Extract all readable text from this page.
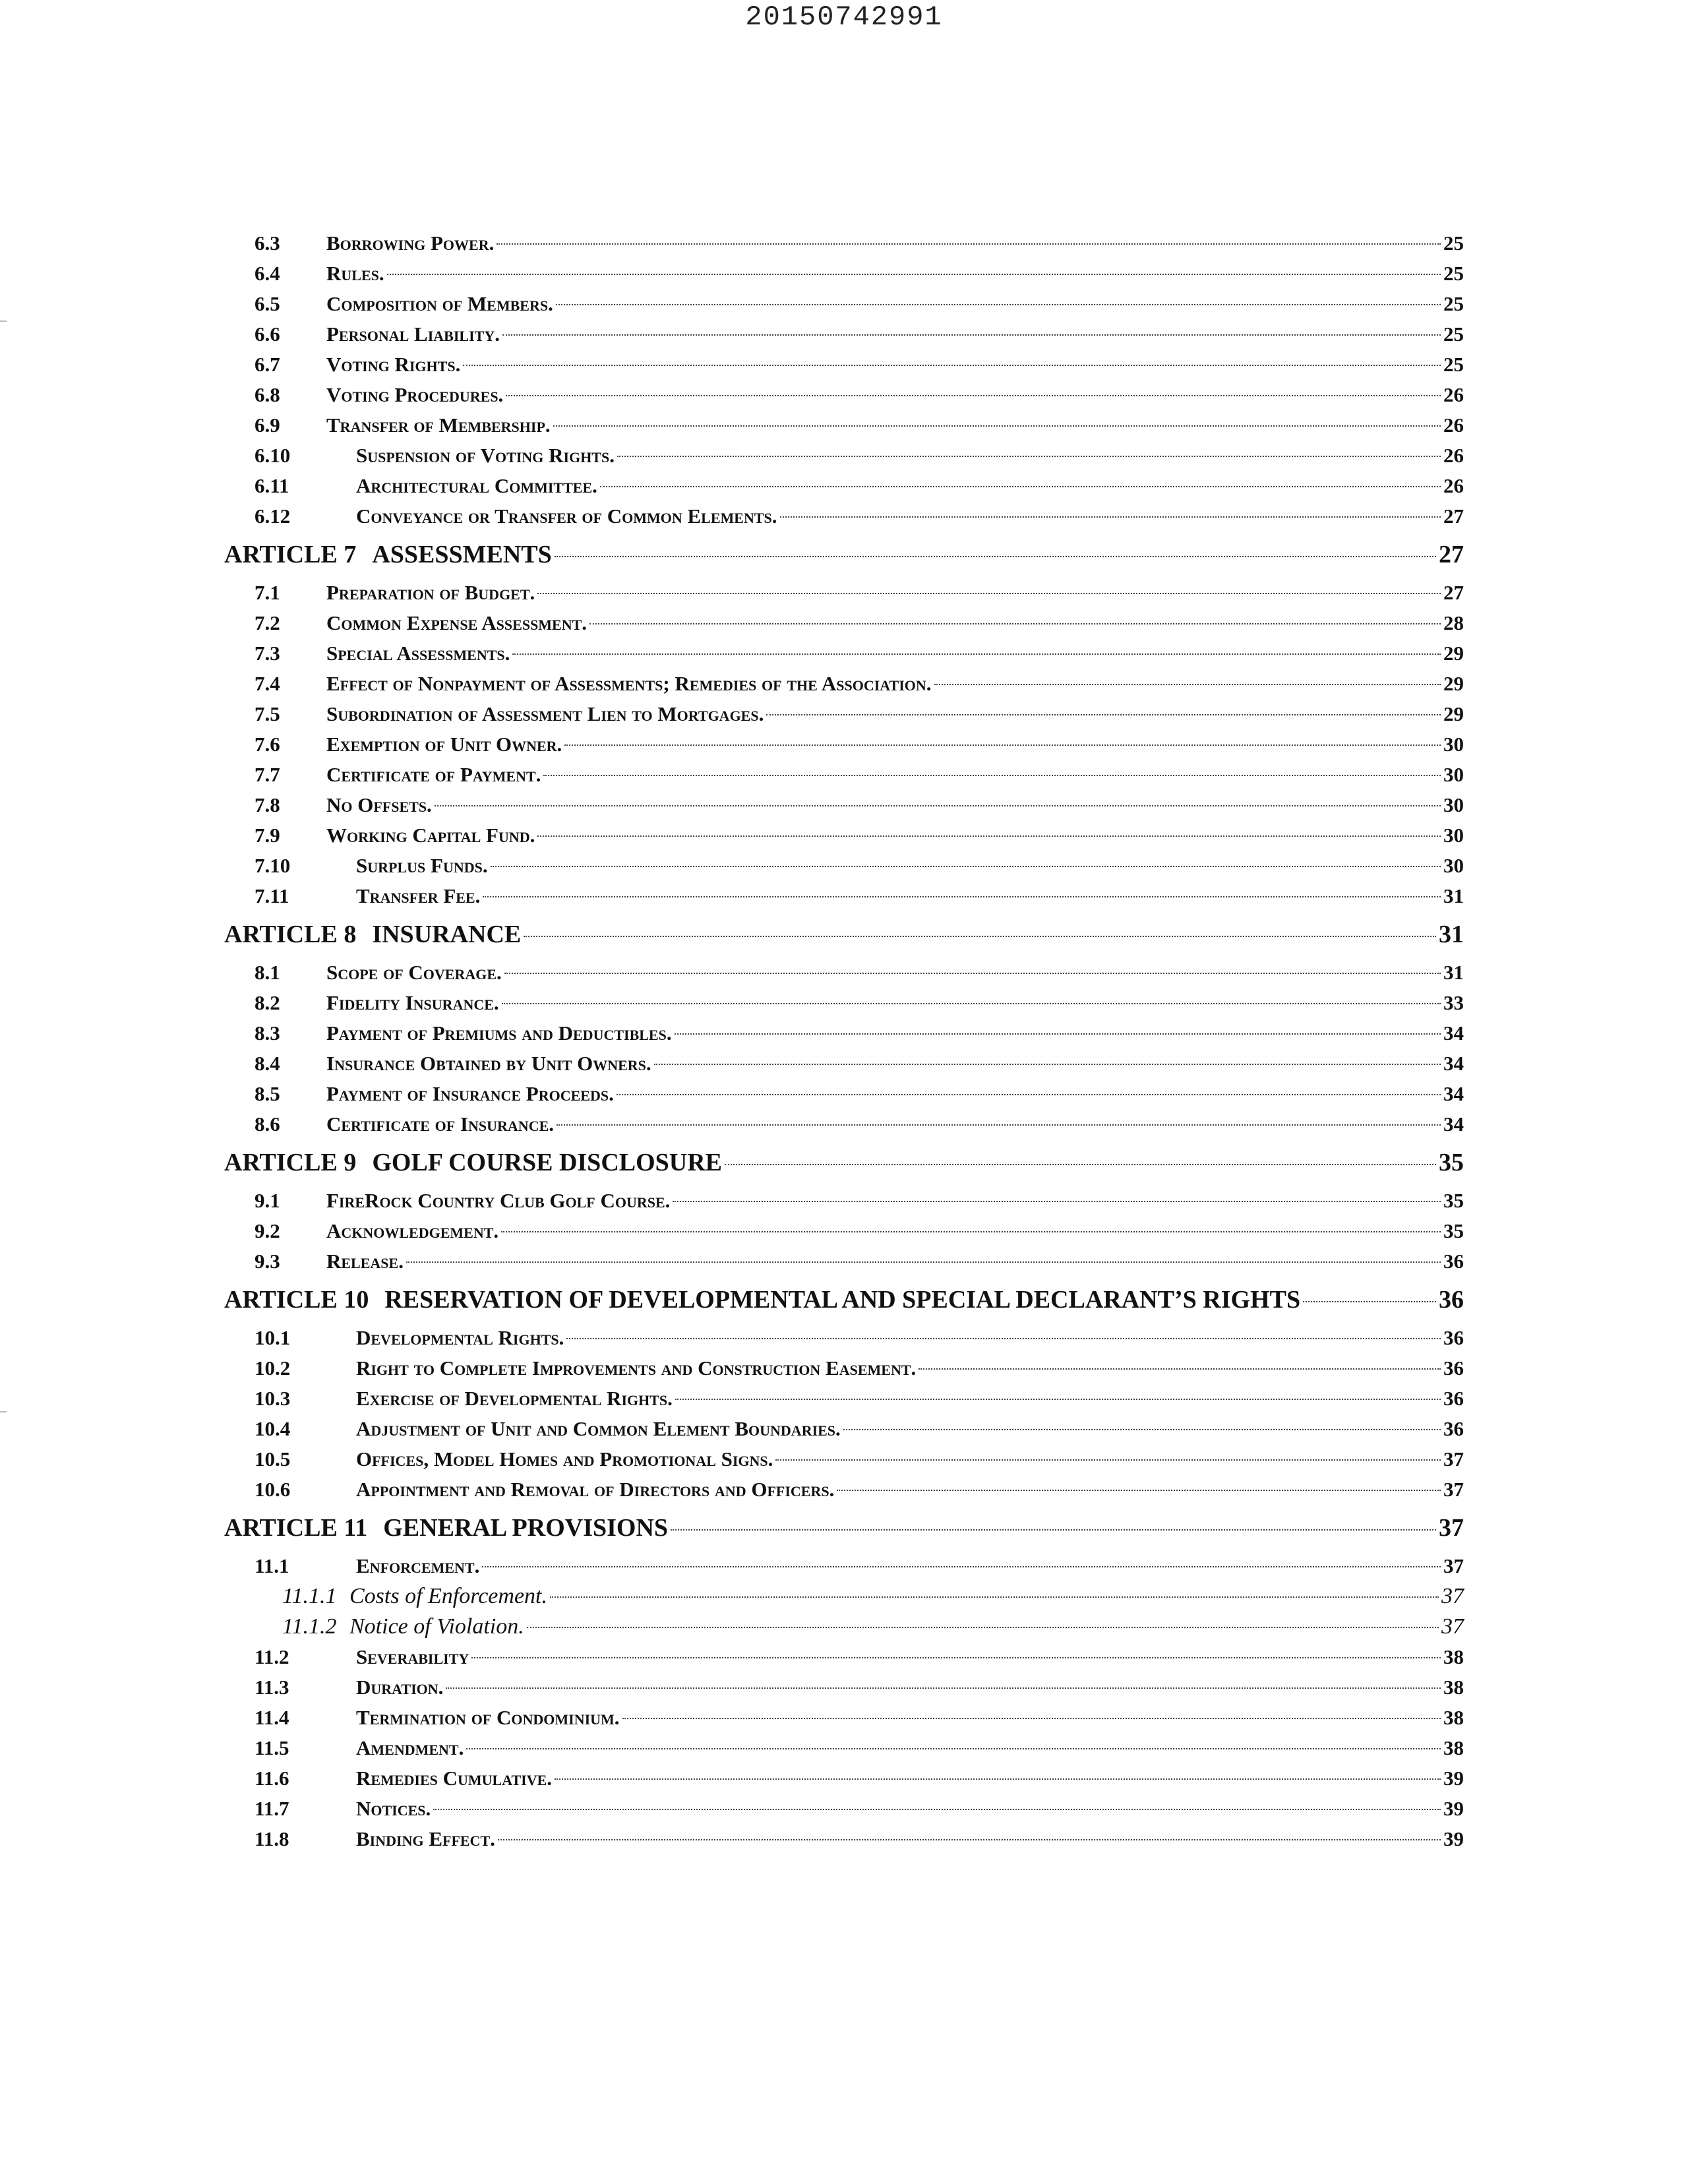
20150742991
6.3	Borrowing Power.	25
6.4	Rules.	25
6.5	Composition of Members.	25
6.6	Personal Liability.	25
6.7	Voting Rights.	25
6.8	Voting Procedures.	26
6.9	Transfer of Membership.	26
6.10	Suspension of Voting Rights.	26
6.11	Architectural Committee.	26
6.12	Conveyance or Transfer of Common Elements.	27
ARTICLE 7 ASSESSMENTS	27
7.1	Preparation of Budget.	27
7.2	Common Expense Assessment.	28
7.3	Special Assessments.	29
7.4	Effect of Nonpayment of Assessments; Remedies of the Association.	29
7.5	Subordination of Assessment Lien to Mortgages.	29
7.6	Exemption of Unit Owner.	30
7.7	Certificate of Payment.	30
7.8	No Offsets.	30
7.9	Working Capital Fund.	30
7.10	Surplus Funds.	30
7.11	Transfer Fee.	31
ARTICLE 8 INSURANCE	31
8.1	Scope of Coverage.	31
8.2	Fidelity Insurance.	33
8.3	Payment of Premiums and Deductibles.	34
8.4	Insurance Obtained by Unit Owners.	34
8.5	Payment of Insurance Proceeds.	34
8.6	Certificate of Insurance.	34
ARTICLE 9 GOLF COURSE DISCLOSURE	35
9.1	FireRock Country Club Golf Course.	35
9.2	Acknowledgement.	35
9.3	Release.	36
ARTICLE 10 RESERVATION OF DEVELOPMENTAL AND SPECIAL DECLARANT’S RIGHTS	36
10.1	Developmental Rights.	36
10.2	Right to Complete Improvements and Construction Easement.	36
10.3	Exercise of Developmental Rights.	36
10.4	Adjustment of Unit and Common Element Boundaries.	36
10.5	Offices, Model Homes and Promotional Signs.	37
10.6	Appointment and Removal of Directors and Officers.	37
ARTICLE 11 GENERAL PROVISIONS	37
11.1	Enforcement.	37
11.1.1 Costs of Enforcement.	37
11.1.2 Notice of Violation.	37
11.2	Severability	38
11.3	Duration.	38
11.4	Termination of Condominium.	38
11.5	Amendment.	38
11.6	Remedies Cumulative.	39
11.7	Notices.	39
11.8	Binding Effect.	39
